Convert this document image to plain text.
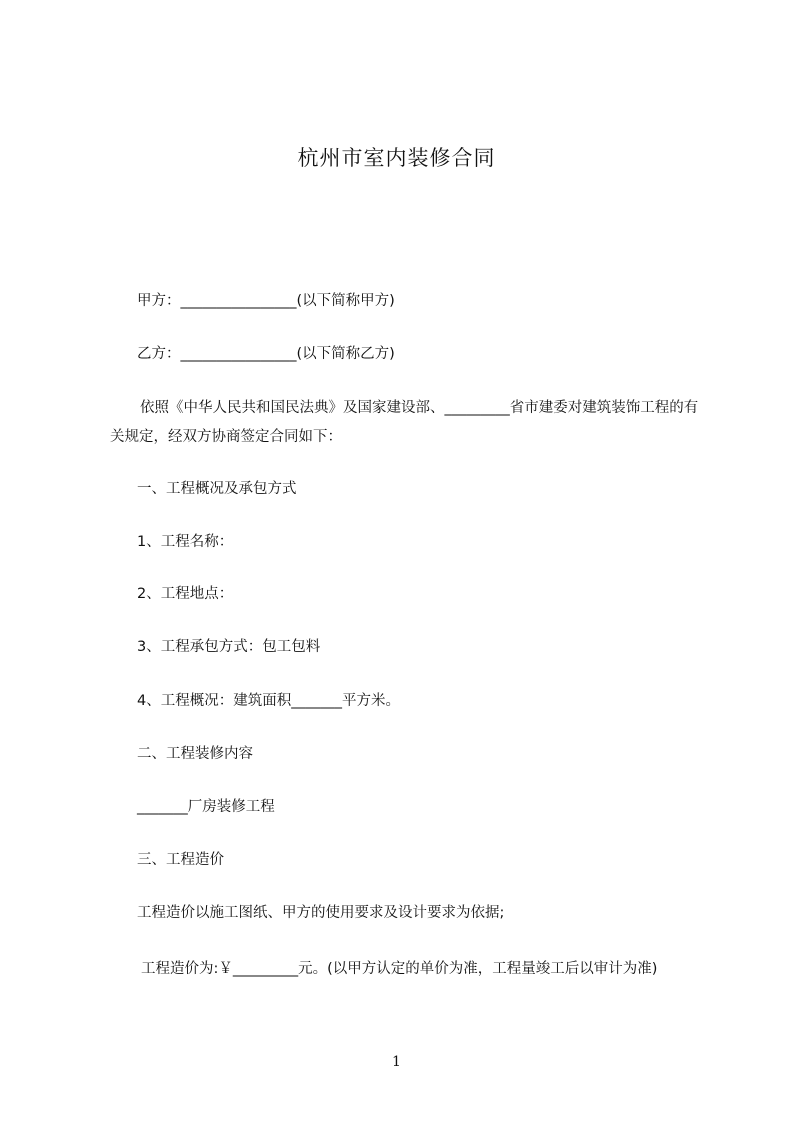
杭州市室内装修合同
甲方：________________(以下简称甲方)
乙方：________________(以下简称乙方)
依照《中华人民共和国民法典》及国家建设部、_________省市建委对建筑装饰工程的有关规定，经双方协商签定合同如下：
一、工程概况及承包方式
1、工程名称：
2、工程地点：
3、工程承包方式：包工包料
4、工程概况：建筑面积_______平方米。
二、工程装修内容
_______厂房装修工程
三、工程造价
工程造价以施工图纸、甲方的使用要求及设计要求为依据;
工程造价为:￥_________元。(以甲方认定的单价为准，工程量竣工后以审计为准)
1
